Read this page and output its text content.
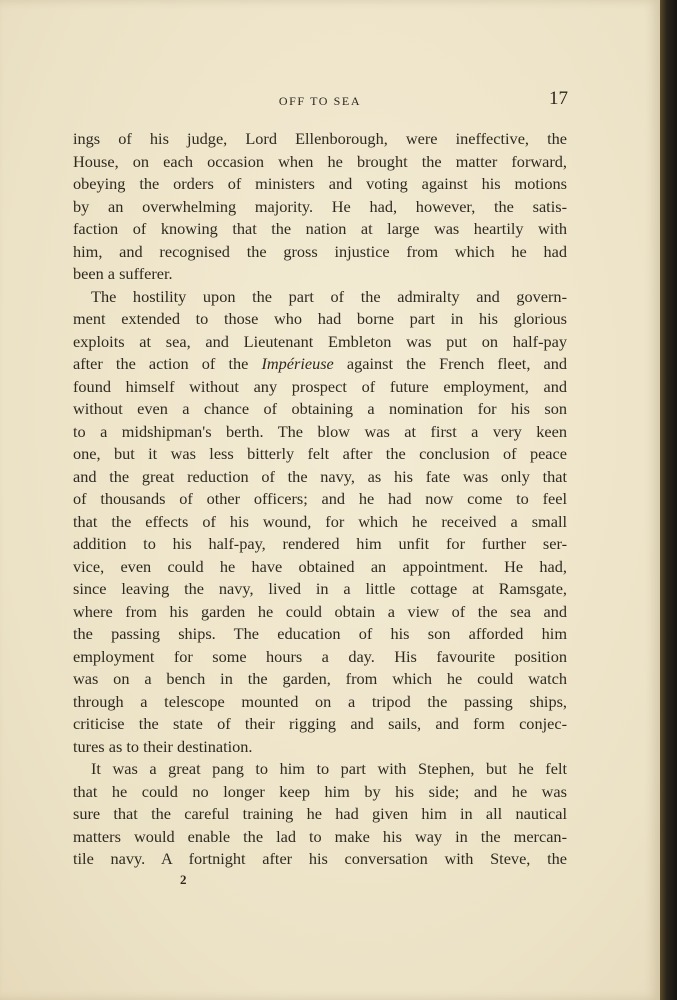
OFF TO SEA	17
ings of his judge, Lord Ellenborough, were ineffective, the
House, on each occasion when he brought the matter forward,
obeying the orders of ministers and voting against his motions
by an overwhelming majority. He had, however, the satis-
faction of knowing that the nation at large was heartily with
him, and recognised the gross injustice from which he had
been a sufferer.
The hostility upon the part of the admiralty and govern-
ment extended to those who had borne part in his glorious
exploits at sea, and Lieutenant Embleton was put on half-pay
after the action of the Impérieuse against the French fleet, and
found himself without any prospect of future employment, and
without even a chance of obtaining a nomination for his son
to a midshipman's berth. The blow was at first a very keen
one, but it was less bitterly felt after the conclusion of peace
and the great reduction of the navy, as his fate was only that
of thousands of other officers; and he had now come to feel
that the effects of his wound, for which he received a small
addition to his half-pay, rendered him unfit for further ser-
vice, even could he have obtained an appointment. He had,
since leaving the navy, lived in a little cottage at Ramsgate,
where from his garden he could obtain a view of the sea and
the passing ships. The education of his son afforded him
employment for some hours a day. His favourite position
was on a bench in the garden, from which he could watch
through a telescope mounted on a tripod the passing ships,
criticise the state of their rigging and sails, and form conjec-
tures as to their destination.
It was a great pang to him to part with Stephen, but he felt
that he could no longer keep him by his side; and he was
sure that the careful training he had given him in all nautical
matters would enable the lad to make his way in the mercan-
tile navy. A fortnight after his conversation with Steve, the
2
